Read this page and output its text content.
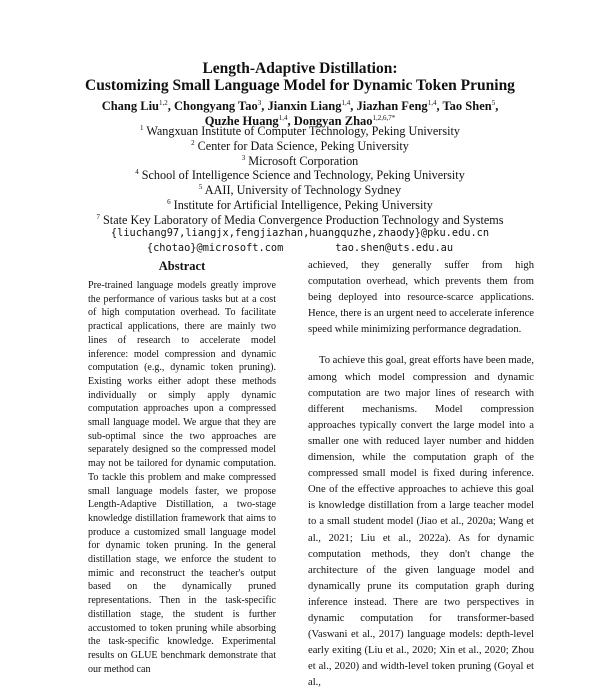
Length-Adaptive Distillation:
Customizing Small Language Model for Dynamic Token Pruning
Chang Liu$^{1,2}$, Chongyang Tao$^3$, Jianxin Liang$^{1,4}$, Jiazhan Feng$^{1,4}$, Tao Shen$^5$,
Quzhe Huang$^{1,4}$, Dongyan Zhao$^{1,2,6,7*}$
$^1$ Wangxuan Institute of Computer Technology, Peking University
$^2$ Center for Data Science, Peking University
$^3$ Microsoft Corporation
$^4$ School of Intelligence Science and Technology, Peking University
$^5$ AAII, University of Technology Sydney
$^6$ Institute for Artificial Intelligence, Peking University
$^7$ State Key Laboratory of Media Convergence Production Technology and Systems
{liuchang97,liangjx,fengjiazhan,huangquzhe,zhaody}@pku.edu.cn
{chotao}@microsoft.com	tao.shen@uts.edu.au
Abstract
Pre-trained language models greatly improve the performance of various tasks but at a cost of high computation overhead. To facilitate practical applications, there are mainly two lines of research to accelerate model inference: model compression and dynamic computation (e.g., dynamic token pruning). Existing works either adopt these methods individually or simply apply dynamic computation approaches upon a compressed small language model. We argue that they are sub-optimal since the two approaches are separately designed so the compressed model may not be tailored for dynamic computation. To tackle this problem and make compressed small language models faster, we propose Length-Adaptive Distillation, a two-stage knowledge distillation framework that aims to produce a customized small language model for dynamic token pruning. In the general distillation stage, we enforce the student to mimic and reconstruct the teacher's output based on the dynamically pruned representations. Then in the task-specific distillation stage, the student is further accustomed to token pruning while absorbing the task-specific knowledge. Experimental results on GLUE benchmark demonstrate that our method can

achieved, they generally suffer from high computation overhead, which prevents them from being deployed into resource-scarce applications. Hence, there is an urgent need to accelerate inference speed while minimizing performance degradation.

To achieve this goal, great efforts have been made, among which model compression and dynamic computation are two major lines of research with different mechanisms. Model compression approaches typically convert the large model into a smaller one with reduced layer number and hidden dimension, while the computation graph of the compressed small model is fixed during inference. One of the effective approaches to achieve this goal is knowledge distillation from a large teacher model to a small student model (Jiao et al., 2020a; Wang et al., 2021; Liu et al., 2022a). As for dynamic computation methods, they don't change the architecture of the given language model and dynamically prune its computation graph during inference instead. There are two perspectives in dynamic computation for transformer-based (Vaswani et al., 2017) language models: depth-level early exiting (Liu et al., 2020; Xin et al., 2020; Zhou et al., 2020) and width-level token pruning (Goyal et al.,
